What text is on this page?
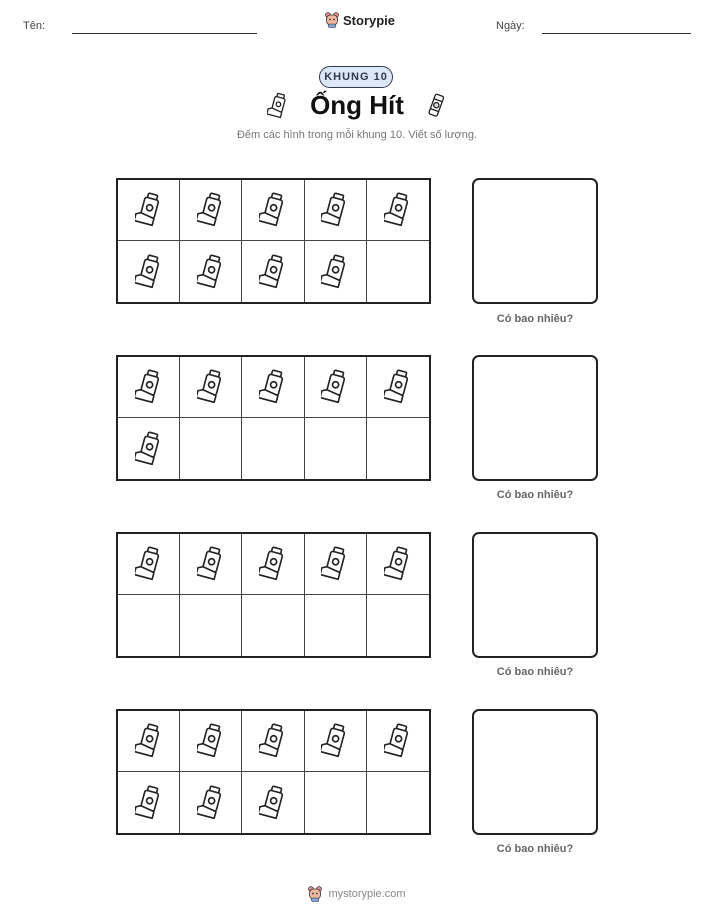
Tên:	Storypie	Ngày:
KHUNG 10
Ống Hít
Đếm các hình trong mỗi khung 10. Viết số lượng.
Có bao nhiêu?
Có bao nhiêu?
Có bao nhiêu?
Có bao nhiêu?
mystorypie.com
